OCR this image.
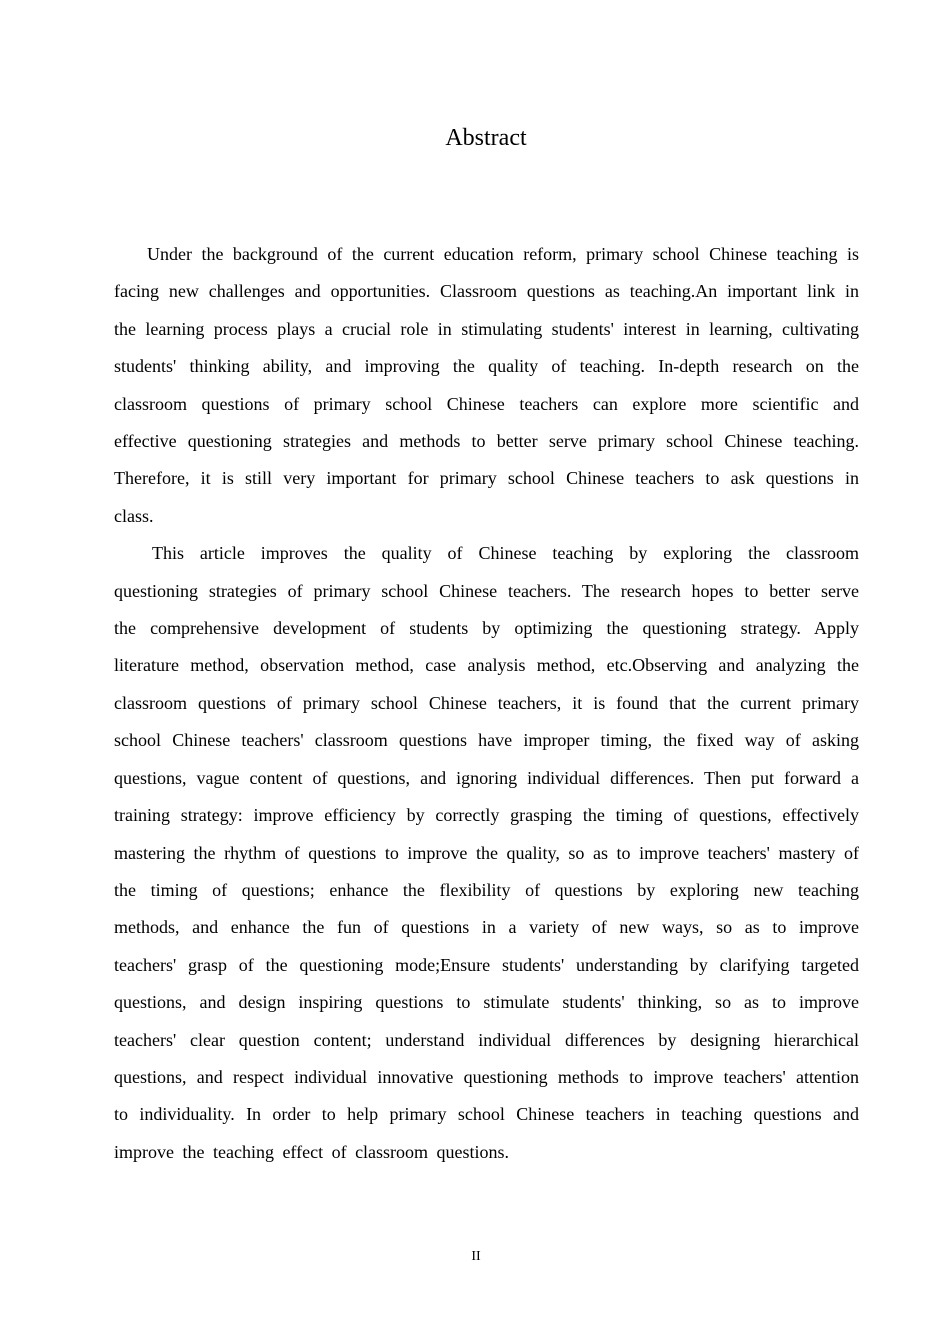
Abstract

Under the background of the current education reform, primary school Chinese teaching is facing new challenges and opportunities. Classroom questions as teaching.An important link in the learning process plays a crucial role in stimulating students' interest in learning, cultivating students' thinking ability, and improving the quality of teaching. In-depth research on the classroom questions of primary school Chinese teachers can explore more scientific and effective questioning strategies and methods to better serve primary school Chinese teaching. Therefore, it is still very important for primary school Chinese teachers to ask questions in class.

This article improves the quality of Chinese teaching by exploring the classroom questioning strategies of primary school Chinese teachers. The research hopes to better serve the comprehensive development of students by optimizing the questioning strategy. Apply literature method, observation method, case analysis method, etc.Observing and analyzing the classroom questions of primary school Chinese teachers, it is found that the current primary school Chinese teachers' classroom questions have improper timing, the fixed way of asking questions, vague content of questions, and ignoring individual differences. Then put forward a training strategy: improve efficiency by correctly grasping the timing of questions, effectively mastering the rhythm of questions to improve the quality, so as to improve teachers' mastery of the timing of questions; enhance the flexibility of questions by exploring new teaching methods, and enhance the fun of questions in a variety of new ways, so as to improve teachers' grasp of the questioning mode;Ensure students' understanding by clarifying targeted questions, and design inspiring questions to stimulate students' thinking, so as to improve teachers' clear question content; understand individual differences by designing hierarchical questions, and respect individual innovative questioning methods to improve teachers' attention to individuality. In order to help primary school Chinese teachers in teaching questions and improve the teaching effect of classroom questions.

II
